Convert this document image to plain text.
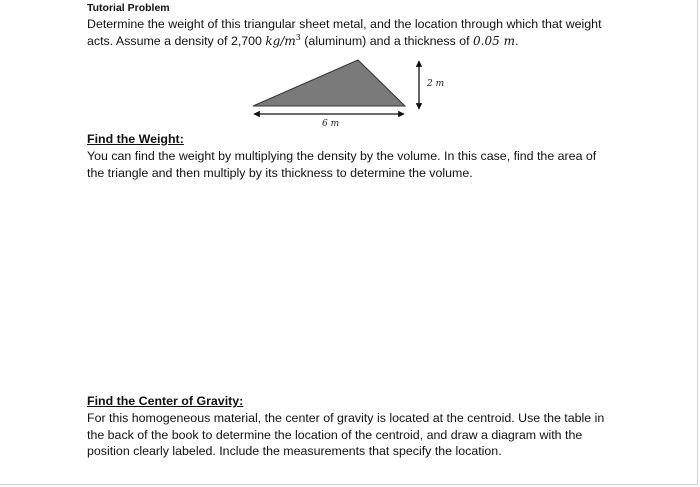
Tutorial Problem
Determine the weight of this triangular sheet metal, and the location through which that weight
acts. Assume a density of 2,700 $kg/m^3$ (aluminum) and a thickness of 0.05 m.
6 m
2 m
Find the Weight:
You can find the weight by multiplying the density by the volume. In this case, find the area of
the triangle and then multiply by its thickness to determine the volume.
Find the Center of Gravity:
For this homogeneous material, the center of gravity is located at the centroid. Use the table in
the back of the book to determine the location of the centroid, and draw a diagram with the
position clearly labeled. Include the measurements that specify the location.
